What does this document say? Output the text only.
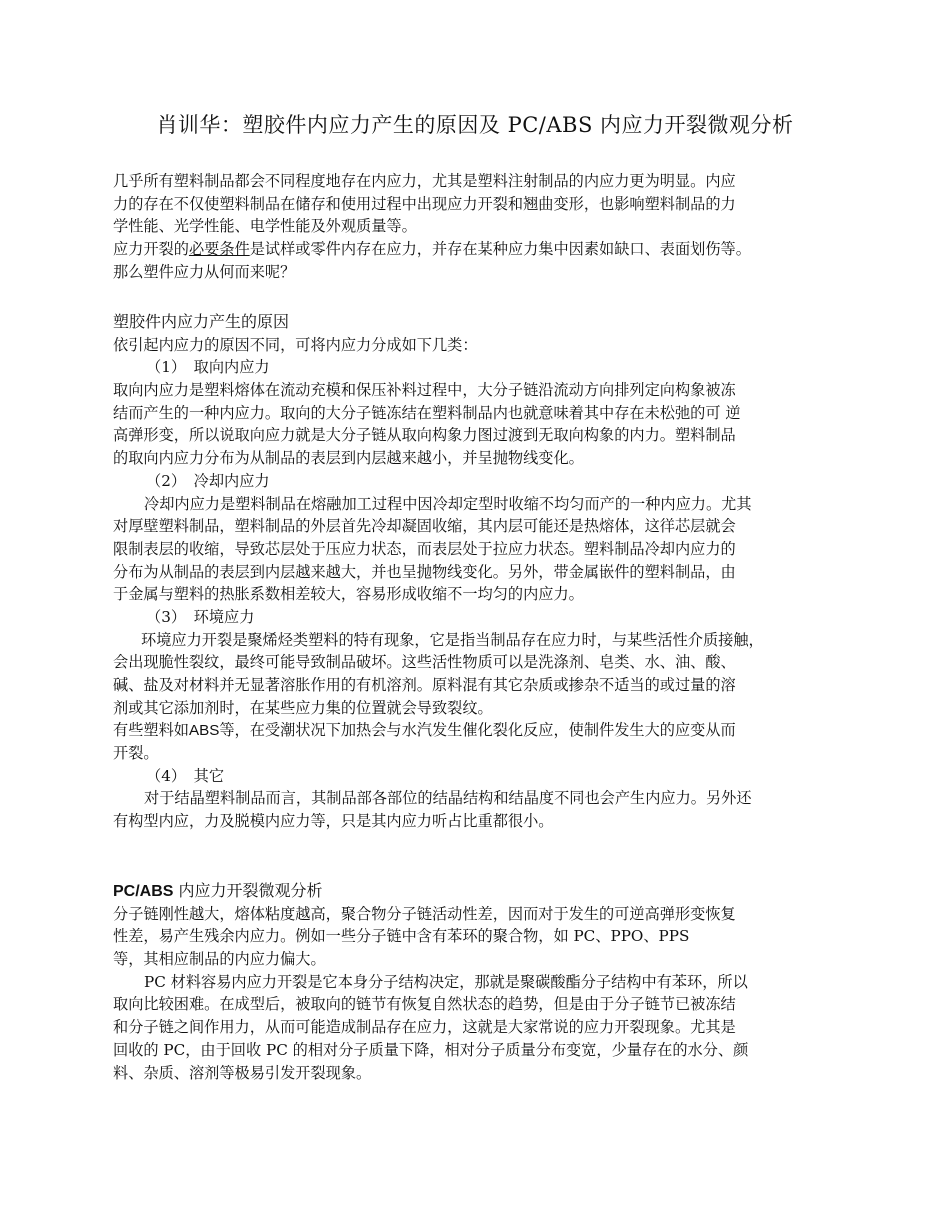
肖训华：塑胶件内应力产生的原因及 PC/ABS 内应力开裂微观分析
几乎所有塑料制品都会不同程度地存在内应力，尤其是塑料注射制品的内应力更为明显。内应
力的存在不仅使塑料制品在储存和使用过程中出现应力开裂和翘曲变形，也影响塑料制品的力
学性能、光学性能、电学性能及外观质量等。
应力开裂的必要条件是试样或零件内存在应力，并存在某种应力集中因素如缺口、表面划伤等。
那么塑件应力从何而来呢？
塑胶件内应力产生的原因
依引起内应力的原因不同，可将内应力分成如下几类：
（1）　取向内应力
取向内应力是塑料熔体在流动充模和保压补料过程中，大分子链沿流动方向排列定向构象被冻
结而产生的一种内应力。取向的大分子链冻结在塑料制品内也就意味着其中存在未松弛的可 逆
高弹形变，所以说取向应力就是大分子链从取向构象力图过渡到无取向构象的内力。塑料制品
的取向内应力分布为从制品的表层到内层越来越小，并呈抛物线变化。
（2）　冷却内应力
冷却内应力是塑料制品在熔融加工过程中因冷却定型时收缩不均匀而产的一种内应力。尤其
对厚壁塑料制品，塑料制品的外层首先冷却凝固收缩，其内层可能还是热熔体，这徉芯层就会
限制表层的收缩，导致芯层处于压应力状态，而表层处于拉应力状态。塑料制品冷却内应力的
分布为从制品的表层到内层越来越大，并也呈抛物线变化。另外，带金属嵌件的塑料制品，由
于金属与塑料的热胀系数相差较大，容易形成收缩不一均匀的内应力。
（3）　环境应力
环境应力开裂是聚烯烃类塑料的特有现象，它是指当制品存在应力时，与某些活性介质接触，
会出现脆性裂纹，最终可能导致制品破坏。这些活性物质可以是洗涤剂、皂类、水、油、酸、
碱、盐及对材料并无显著溶胀作用的有机溶剂。原料混有其它杂质或掺杂不适当的或过量的溶
剂或其它添加剂时，在某些应力集的位置就会导致裂纹。
有些塑料如ABS等，在受潮状况下加热会与水汽发生催化裂化反应，使制件发生大的应变从而
开裂。
（4）　其它
对于结晶塑料制品而言，其制品部各部位的结晶结构和结晶度不同也会产生内应力。另外还
有构型内应，力及脱模内应力等，只是其内应力听占比重都很小。
PC/ABS 内应力开裂微观分析
分子链刚性越大，熔体粘度越高，聚合物分子链活动性差，因而对于发生的可逆高弹形变恢复
性差，易产生残余内应力。例如一些分子链中含有苯环的聚合物，如 PC、PPO、PPS
等，其相应制品的内应力偏大。
PC 材料容易内应力开裂是它本身分子结构决定，那就是聚碳酸酯分子结构中有苯环，所以
取向比较困难。在成型后，被取向的链节有恢复自然状态的趋势，但是由于分子链节已被冻结
和分子链之间作用力，从而可能造成制品存在应力，这就是大家常说的应力开裂现象。尤其是
回收的 PC，由于回收 PC 的相对分子质量下降，相对分子质量分布变宽，少量存在的水分、颜
料、杂质、溶剂等极易引发开裂现象。
